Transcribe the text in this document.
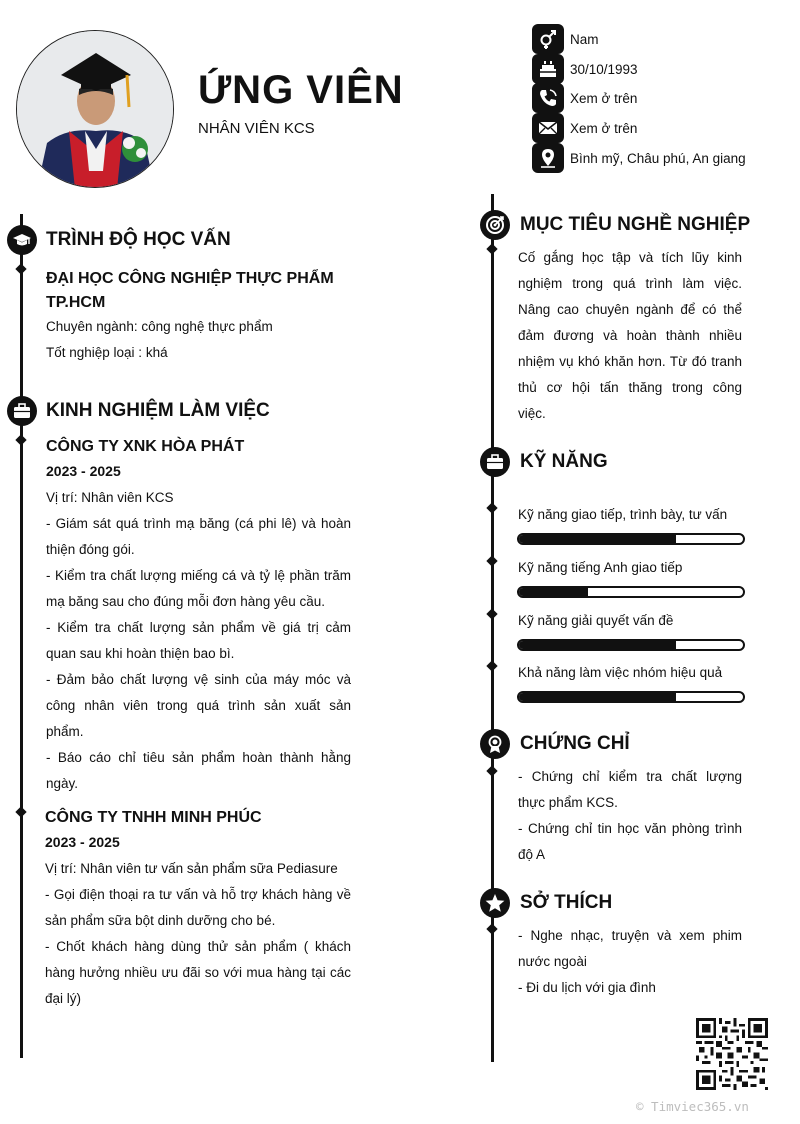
ỨNG VIÊN
NHÂN VIÊN KCS
Nam
30/10/1993
Xem ở trên
Xem ở trên
Bình mỹ, Châu phú, An giang
TRÌNH ĐỘ HỌC VẤN
ĐẠI HỌC CÔNG NGHIỆP THỰC PHẨM
TP.HCM
Chuyên ngành: công nghệ thực phẩm
Tốt nghiệp loại : khá
KINH NGHIỆM LÀM VIỆC
CÔNG TY XNK HÒA PHÁT
2023 - 2025
Vị trí: Nhân viên KCS
- Giám sát quá trình mạ băng (cá phi lê) và hoàn
thiện đóng gói.
- Kiểm tra chất lượng miếng cá và tỷ lệ phần trăm
mạ băng sau cho đúng mỗi đơn hàng yêu cầu.
- Kiểm tra chất lượng sản phẩm về giá trị cảm
quan sau khi hoàn thiện bao bì.
- Đảm bảo chất lượng vệ sinh của máy móc và
công nhân viên trong quá trình sản xuất sản
phẩm.
- Báo cáo chỉ tiêu sản phẩm hoàn thành hằng
ngày.
CÔNG TY TNHH MINH PHÚC
2023 - 2025
Vị trí: Nhân viên tư vấn sản phẩm sữa Pediasure
- Gọi điện thoại ra tư vấn và hỗ trợ khách hàng về
sản phẩm sữa bột dinh dưỡng cho bé.
- Chốt khách hàng dùng thử sản phẩm ( khách
hàng hưởng nhiều ưu đãi so với mua hàng tại các
đại lý)
MỤC TIÊU NGHỀ NGHIỆP
Cố gắng học tập và tích lũy kinh
nghiệm trong quá trình làm việc.
Nâng cao chuyên ngành để có thể
đảm đương và hoàn thành nhiều
nhiệm vụ khó khăn hơn. Từ đó tranh
thủ cơ hội tấn thăng trong công
việc.
KỸ NĂNG
Kỹ năng giao tiếp, trình bày, tư vấn
Kỹ năng tiếng Anh giao tiếp
Kỹ năng giải quyết vấn đề
Khả năng làm việc nhóm hiệu quả
CHỨNG CHỈ
- Chứng chỉ kiểm tra chất lượng
thực phẩm KCS.
- Chứng chỉ tin học văn phòng trình
độ A
SỞ THÍCH
- Nghe nhạc, truyện và xem phim
nước ngoài
- Đi du lịch với gia đình
© Timviec365.vn
